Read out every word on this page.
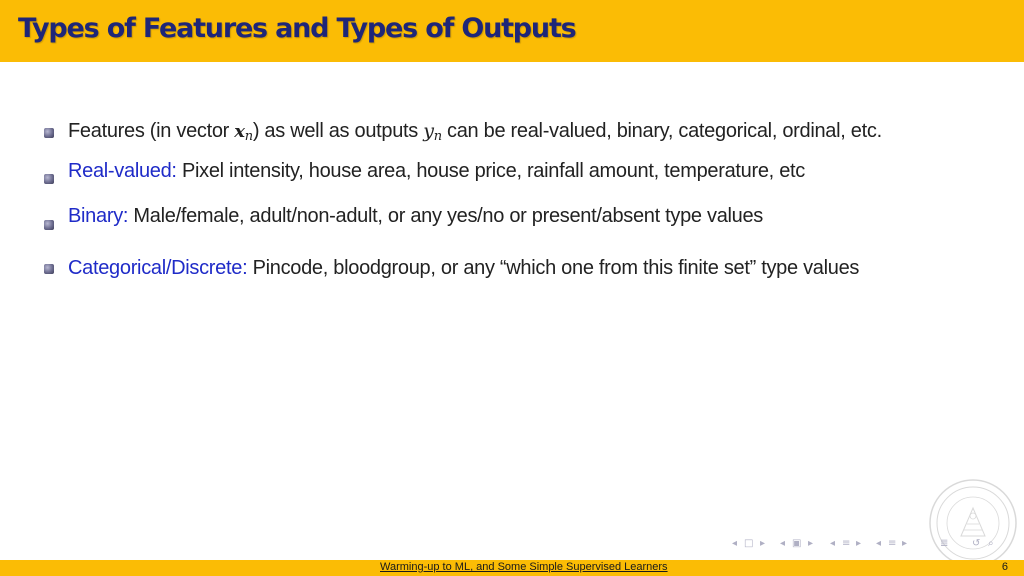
Types of Features and Types of Outputs
Features (in vector xn) as well as outputs yn can be real-valued, binary, categorical, ordinal, etc.
Real-valued: Pixel intensity, house area, house price, rainfall amount, temperature, etc
Binary: Male/female, adult/non-adult, or any yes/no or present/absent type values
Categorical/Discrete: Pincode, bloodgroup, or any “which one from this finite set” type values
◂ □ ▸ ◂ ▣ ▸ ◂ ≡ ▸ ◂ ≡ ▸	≣ ↺ ⌕
Warming-up to ML, and Some Simple Supervised Learners	6
